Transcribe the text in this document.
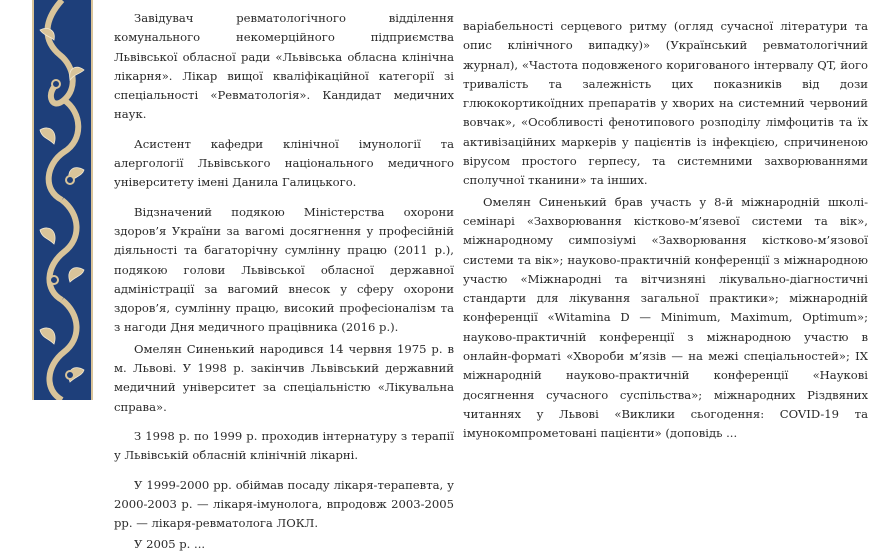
Завідувач ревматологічного відділення комунального некомерційного підприємства Львівської обласної ради «Львівська обласна клінічна лікарня». Лікар вищої кваліфікаційної категорії зі спеціальності «Ревматологія». Кандидат медичних наук.

Асистент кафедри клінічної імунології та алергології Львівського національного медичного університету імені Данила Галицького.

Відзначений подякою Міністерства охорони здоров’я України за вагомі досягнення у професійній діяльності та багаторічну сумлінну працю (2011 р.), подякою голови Львівської обласної державної адміністрації за вагомий внесок у сферу охорони здоров’я, сумлінну працю, високий професіоналізм та з нагоди Дня медичного працівника (2016 р.).

Омелян Синенький народився 14 червня 1975 р. в м. Львові. У 1998 р. закінчив Львівський державний медичний університет за спеціальністю «Лікувальна справа».

З 1998 р. по 1999 р. проходив інтернатуру з терапії у Львівській обласній клінічній лікарні.

У 1999-2000 рр. обіймав посаду лікаря-терапевта, у 2000-2003 р. — лікаря-імунолога, впродовж 2003-2005 рр. — лікаря-ревматолога ЛОКЛ.

У 2005 р. ...

варіабельності серцевого ритму (огляд сучасної літератури та опис клінічного випадку)» (Український ревматологічний журнал), «Частота подовженого коригованого інтервалу QT, його тривалість та залежність цих показників від дози глюкокортикоїдних препаратів у хворих на системний червоний вовчак», «Особливості фенотипового розподілу лімфоцитів та їх активізаційних маркерів у пацієнтів із інфекцією, спричиненою вірусом простого герпесу, та системними захворюваннями сполучної тканини» та інших.

Омелян Синенький брав участь у 8-й міжнародній школі-семінарі «Захворювання кістково-м’язевої системи та вік», міжнародному симпозіумі «Захворювання кістково-м’язової системи та вік»; науково-практичній конференції з міжнародною участю «Міжнародні та вітчизняні лікувально-діагностичні стандарти для лікування загальної практики»; міжнародній конференції «Witamina D — Minimum, Maximum, Optimum»; науково-практичній конференції з міжнародною участю в онлайн-форматі «Хвороби м’язів — на межі спеціальностей»; IX міжнародній науково-практичній конференції «Наукові досягнення сучасного суспільства»; міжнародних Різдвяних читаннях у Львові «Виклики сьогодення: COVID-19 та імунокомпрометовані пацієнти» (доповідь ...
